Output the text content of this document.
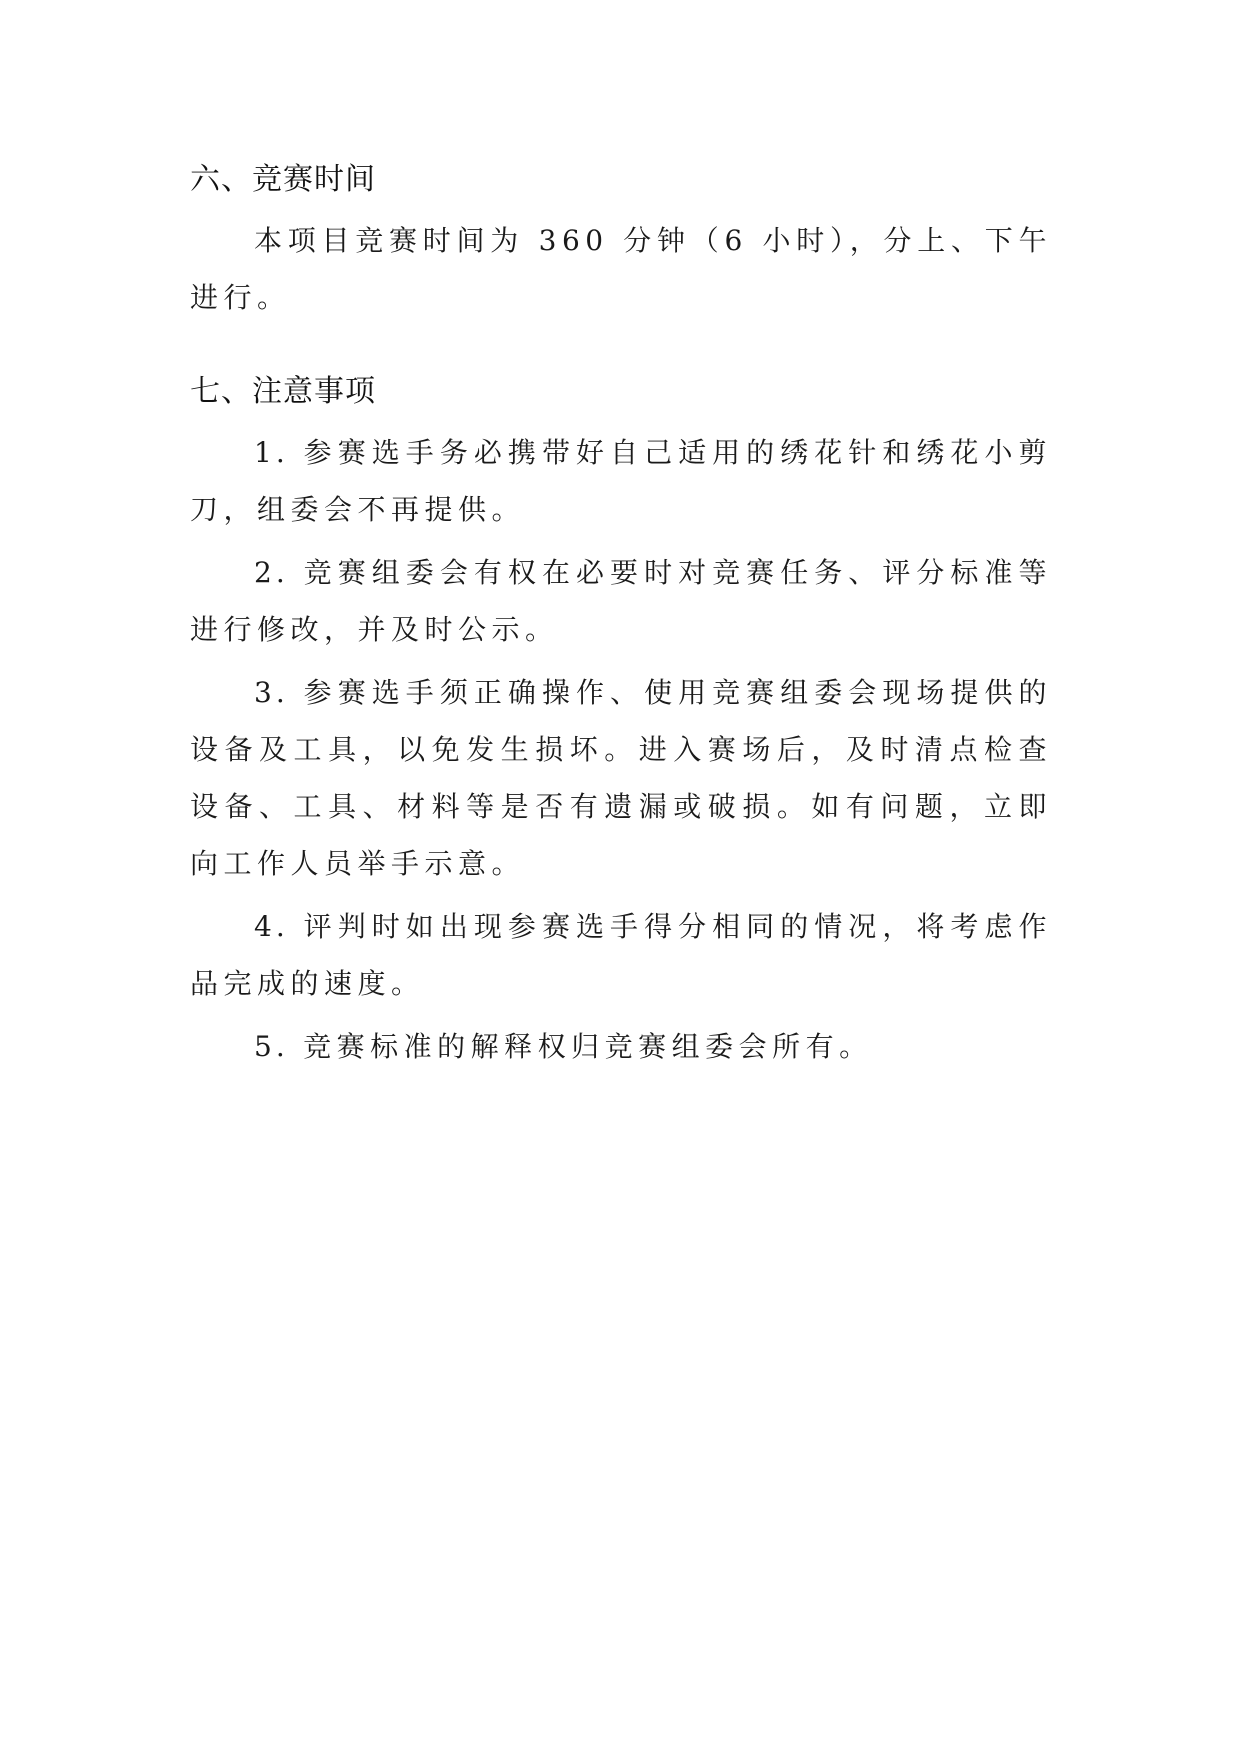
六、竞赛时间

本项目竞赛时间为 360 分钟（6 小时），分上、下午进行。

七、注意事项

1. 参赛选手务必携带好自己适用的绣花针和绣花小剪刀，组委会不再提供。

2. 竞赛组委会有权在必要时对竞赛任务、评分标准等进行修改，并及时公示。

3. 参赛选手须正确操作、使用竞赛组委会现场提供的设备及工具，以免发生损坏。进入赛场后，及时清点检查设备、工具、材料等是否有遗漏或破损。如有问题，立即向工作人员举手示意。

4. 评判时如出现参赛选手得分相同的情况，将考虑作品完成的速度。

5. 竞赛标准的解释权归竞赛组委会所有。
